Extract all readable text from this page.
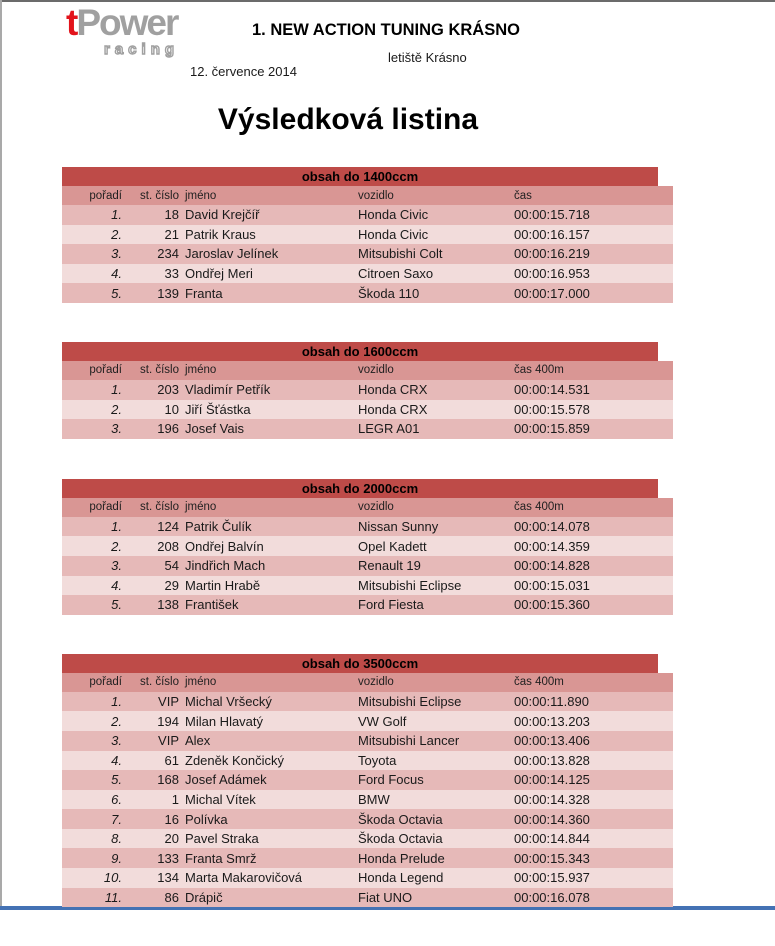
tPower
racing
1. NEW ACTION TUNING KRÁSNO
letiště Krásno
12. července 2014
Výsledková listina
obsah do 1400ccm
pořadí	st. číslo	jméno	vozidlo	čas
1.	18	David Krejčíř	Honda Civic	00:00:15.718
2.	21	Patrik Kraus	Honda Civic	00:00:16.157
3.	234	Jaroslav Jelínek	Mitsubishi Colt	00:00:16.219
4.	33	Ondřej Meri	Citroen Saxo	00:00:16.953
5.	139	Franta	Škoda 110	00:00:17.000
obsah do 1600ccm
pořadí	st. číslo	jméno	vozidlo	čas 400m
1.	203	Vladimír Petřík	Honda CRX	00:00:14.531
2.	10	Jiří Šťástka	Honda CRX	00:00:15.578
3.	196	Josef Vais	LEGR A01	00:00:15.859
obsah do 2000ccm
pořadí	st. číslo	jméno	vozidlo	čas 400m
1.	124	Patrik Čulík	Nissan Sunny	00:00:14.078
2.	208	Ondřej Balvín	Opel Kadett	00:00:14.359
3.	54	Jindřich Mach	Renault 19	00:00:14.828
4.	29	Martin Hrabě	Mitsubishi Eclipse	00:00:15.031
5.	138	František	Ford Fiesta	00:00:15.360
obsah do 3500ccm
pořadí	st. číslo	jméno	vozidlo	čas 400m
1.	VIP	Michal Vršecký	Mitsubishi Eclipse	00:00:11.890
2.	194	Milan Hlavatý	VW Golf	00:00:13.203
3.	VIP	Alex	Mitsubishi Lancer	00:00:13.406
4.	61	Zdeněk Končický	Toyota	00:00:13.828
5.	168	Josef Adámek	Ford Focus	00:00:14.125
6.	1	Michal Vítek	BMW	00:00:14.328
7.	16	Polívka	Škoda Octavia	00:00:14.360
8.	20	Pavel Straka	Škoda Octavia	00:00:14.844
9.	133	Franta Smrž	Honda Prelude	00:00:15.343
10.	134	Marta Makarovičová	Honda Legend	00:00:15.937
11.	86	Drápič	Fiat UNO	00:00:16.078
